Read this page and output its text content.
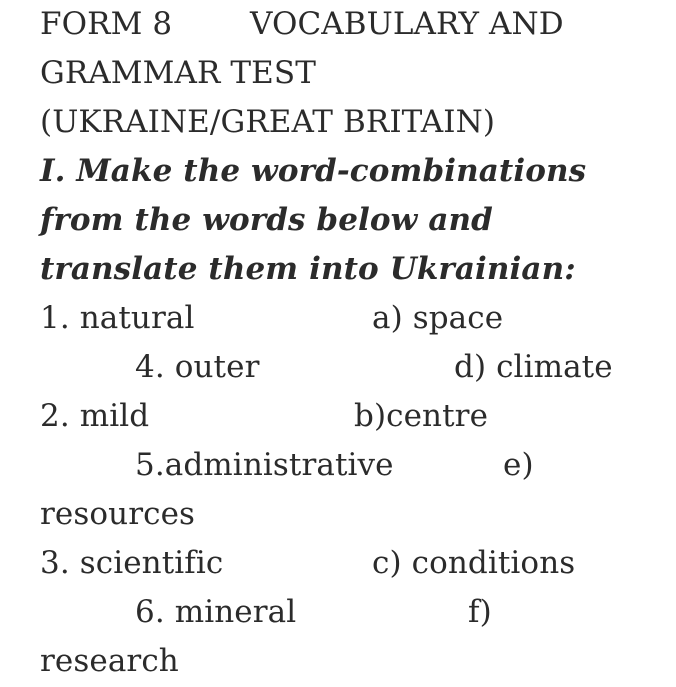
FORM 8	VOCABULARY AND
GRAMMAR TEST
(UKRAINE/GREAT BRITAIN)
I. Make the word-combinations
from the words below and
translate them into Ukrainian:
1. natural	a) space
4. outer	d) climate
2. mild	b)centre
5.administrative	e)
resources
3. scientific	c) conditions
6. mineral	f)
research
